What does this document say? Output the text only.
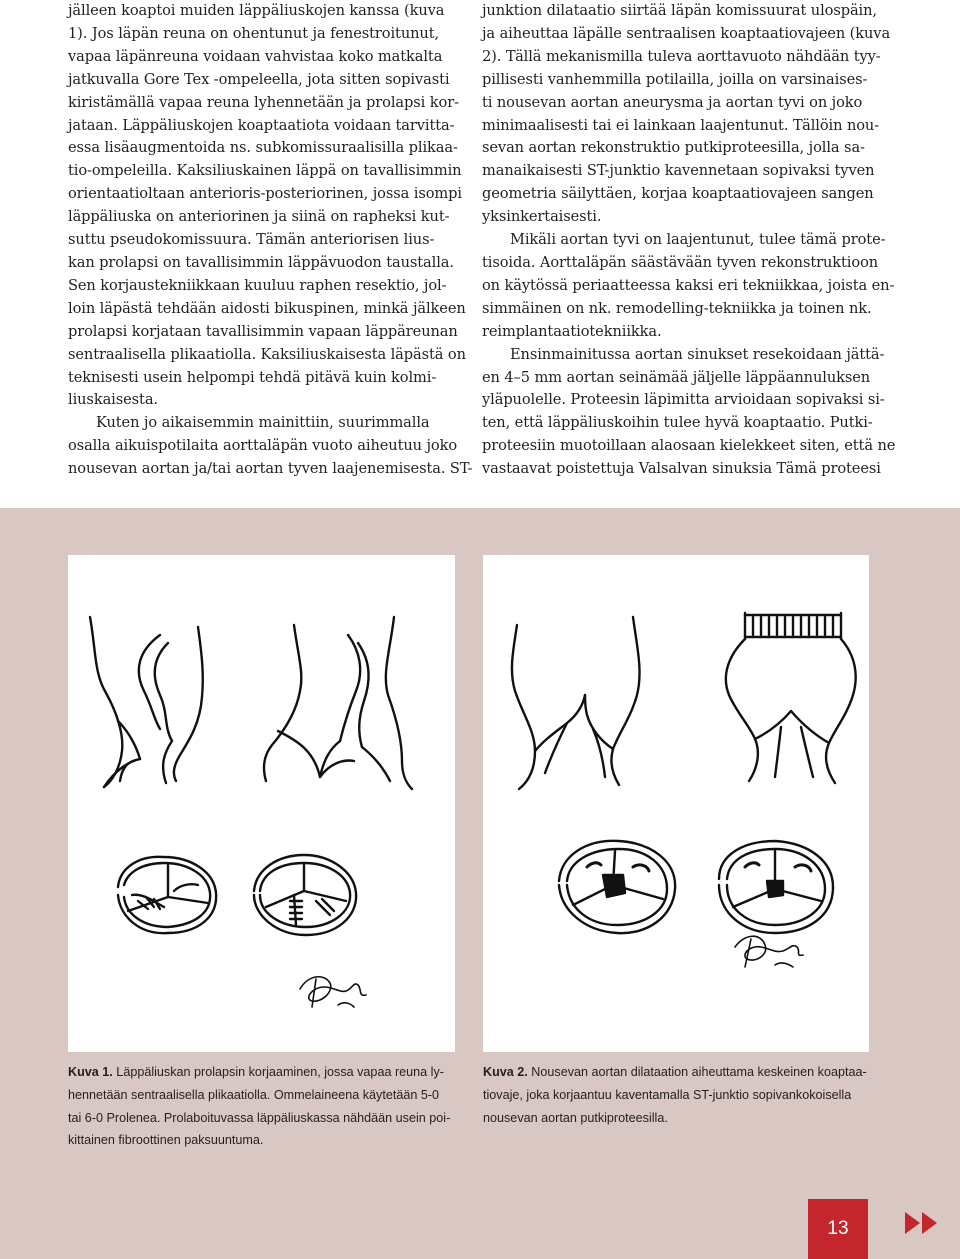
jälleen koaptoi muiden läppäliuskojen kanssa (kuva

1). Jos läpän reuna on ohentunut ja fenestroitunut,

vapaa läpänreuna voidaan vahvistaa koko matkalta

jatkuvalla Gore Tex -ompeleella, jota sitten sopivasti

kiristämällä vapaa reuna lyhennetään ja prolapsi kor-

jataan. Läppäliuskojen koaptaatiota voidaan tarvitta-

essa lisäaugmentoida ns. subkomissuraalisilla plikaa-

tio-ompeleilla. Kaksiliuskainen läppä on tavallisimmin

orientaatioltaan anterioris-posteriorinen, jossa isompi

läppäliuska on anteriorinen ja siinä on rapheksi kut-

suttu pseudokomissuura. Tämän anteriorisen lius-

kan prolapsi on tavallisimmin läppävuodon taustalla.

Sen korjaustekniikkaan kuuluu raphen resektio, jol-

loin läpästä tehdään aidosti bikuspinen, minkä jälkeen

prolapsi korjataan tavallisimmin vapaan läppäreunan

sentraalisella plikaatiolla. Kaksiliuskaisesta läpästä on

teknisesti usein helpompi tehdä pitävä kuin kolmi-

liuskaisesta.

Kuten jo aikaisemmin mainittiin, suurimmalla

osalla aikuispotilaita aorttaläpän vuoto aiheutuu joko

nousevan aortan ja/tai aortan tyven laajenemisesta. ST-

junktion dilataatio siirtää läpän komissuurat ulospäin,

ja aiheuttaa läpälle sentraalisen koaptaatiovajeen (kuva

2). Tällä mekanismilla tuleva aorttavuoto nähdään tyy-

pillisesti vanhemmilla potilailla, joilla on varsinaises-

ti nousevan aortan aneurysma ja aortan tyvi on joko

minimaalisesti tai ei lainkaan laajentunut. Tällöin nou-

sevan aortan rekonstruktio putkiproteesilla, jolla sa-

manaikaisesti ST-junktio kavennetaan sopivaksi tyven

geometria säilyttäen, korjaa koaptaatiovajeen sangen

yksinkertaisesti.

Mikäli aortan tyvi on laajentunut, tulee tämä prote-

tisoida. Aorttaläpän säästävään tyven rekonstruktioon

on käytössä periaatteessa kaksi eri tekniikkaa, joista en-

simmäinen on nk. remodelling-tekniikka ja toinen nk.

reimplantaatiotekniikka.

Ensinmainitussa aortan sinukset resekoidaan jättä-

en 4–5 mm aortan seinämää jäljelle läppäannuluksen

yläpuolelle. Proteesin läpimitta arvioidaan sopivaksi si-

ten, että läppäliuskoihin tulee hyvä koaptaatio. Putki-

proteesiin muotoillaan alaosaan kielekkeet siten, että ne

vastaavat poistettuja Valsalvan sinuksia Tämä proteesi

Kuva 1. Läppäliuskan prolapsin korjaaminen, jossa vapaa reuna ly-

hennetään sentraalisella plikaatiolla. Ommelaineena käytetään 5-0

tai 6-0 Prolenea. Prolaboituvassa läppäliuskassa nähdään usein poi-

kittainen fibroottinen paksuuntuma.

Kuva 2. Nousevan aortan dilataation aiheuttama keskeinen koaptaa-

tiovaje, joka korjaantuu kaventamalla ST-junktio sopivankokoisella

nousevan aortan putkiproteesilla.

13
